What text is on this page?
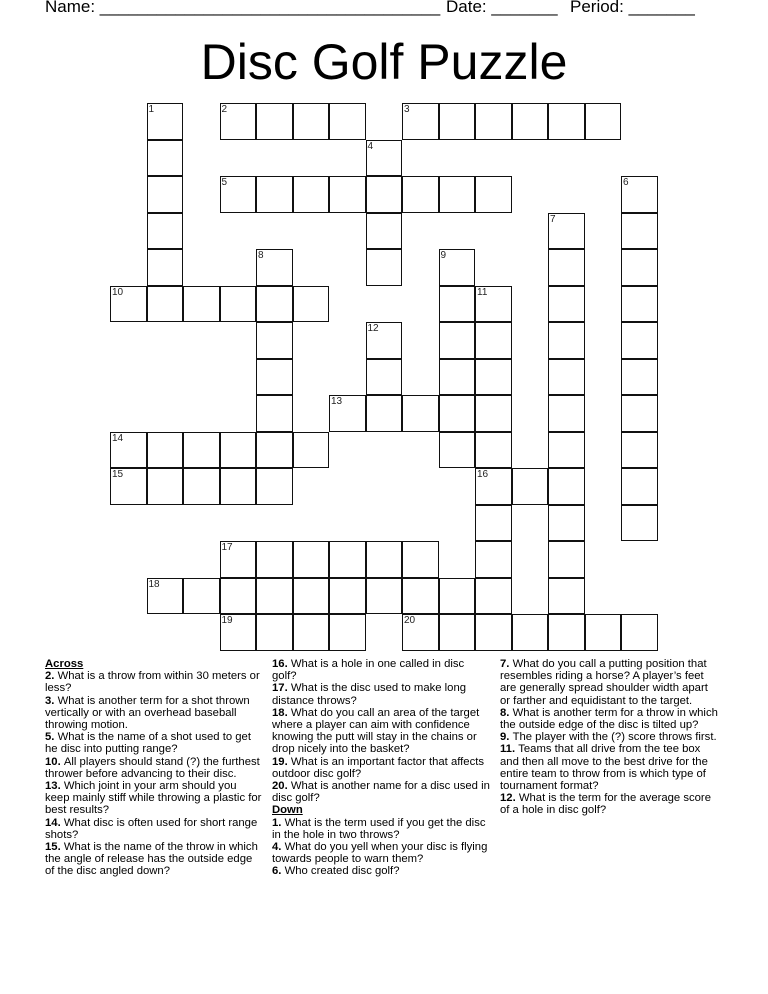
Name: ____________________________________ Date: _______ Period: _______
Disc Golf Puzzle
2	3
5
10
13
14
15	16
17
18
19	20
1
4
6
7
8	9
11
12
Across
2. What is a throw from within 30 meters or less?
3. What is another term for a shot thrown vertically or with an overhead baseball throwing motion.
5. What is the name of a shot used to get he disc into putting range?
10. All players should stand (?) the furthest thrower before advancing to their disc.
13. Which joint in your arm should you keep mainly stiff while throwing a plastic for best results?
14. What disc is often used for short range shots?
15. What is the name of the throw in which the angle of release has the outside edge of the disc angled down?
16. What is a hole in one called in disc golf?
17. What is the disc used to make long distance throws?
18. What do you call an area of the target where a player can aim with confidence knowing the putt will stay in the chains or drop nicely into the basket?
19. What is an important factor that affects outdoor disc golf?
20. What is another name for a disc used in disc golf?
Down
1. What is the term used if you get the disc in the hole in two throws?
4. What do you yell when your disc is flying towards people to warn them?
6. Who created disc golf?
7. What do you call a putting position that resembles riding a horse? A player’s feet are generally spread shoulder width apart or farther and equidistant to the target.
8. What is another term for a throw in which the outside edge of the disc is tilted up?
9. The player with the (?) score throws first.
11. Teams that all drive from the tee box and then all move to the best drive for the entire team to throw from is which type of tournament format?
12. What is the term for the average score of a hole in disc golf?
